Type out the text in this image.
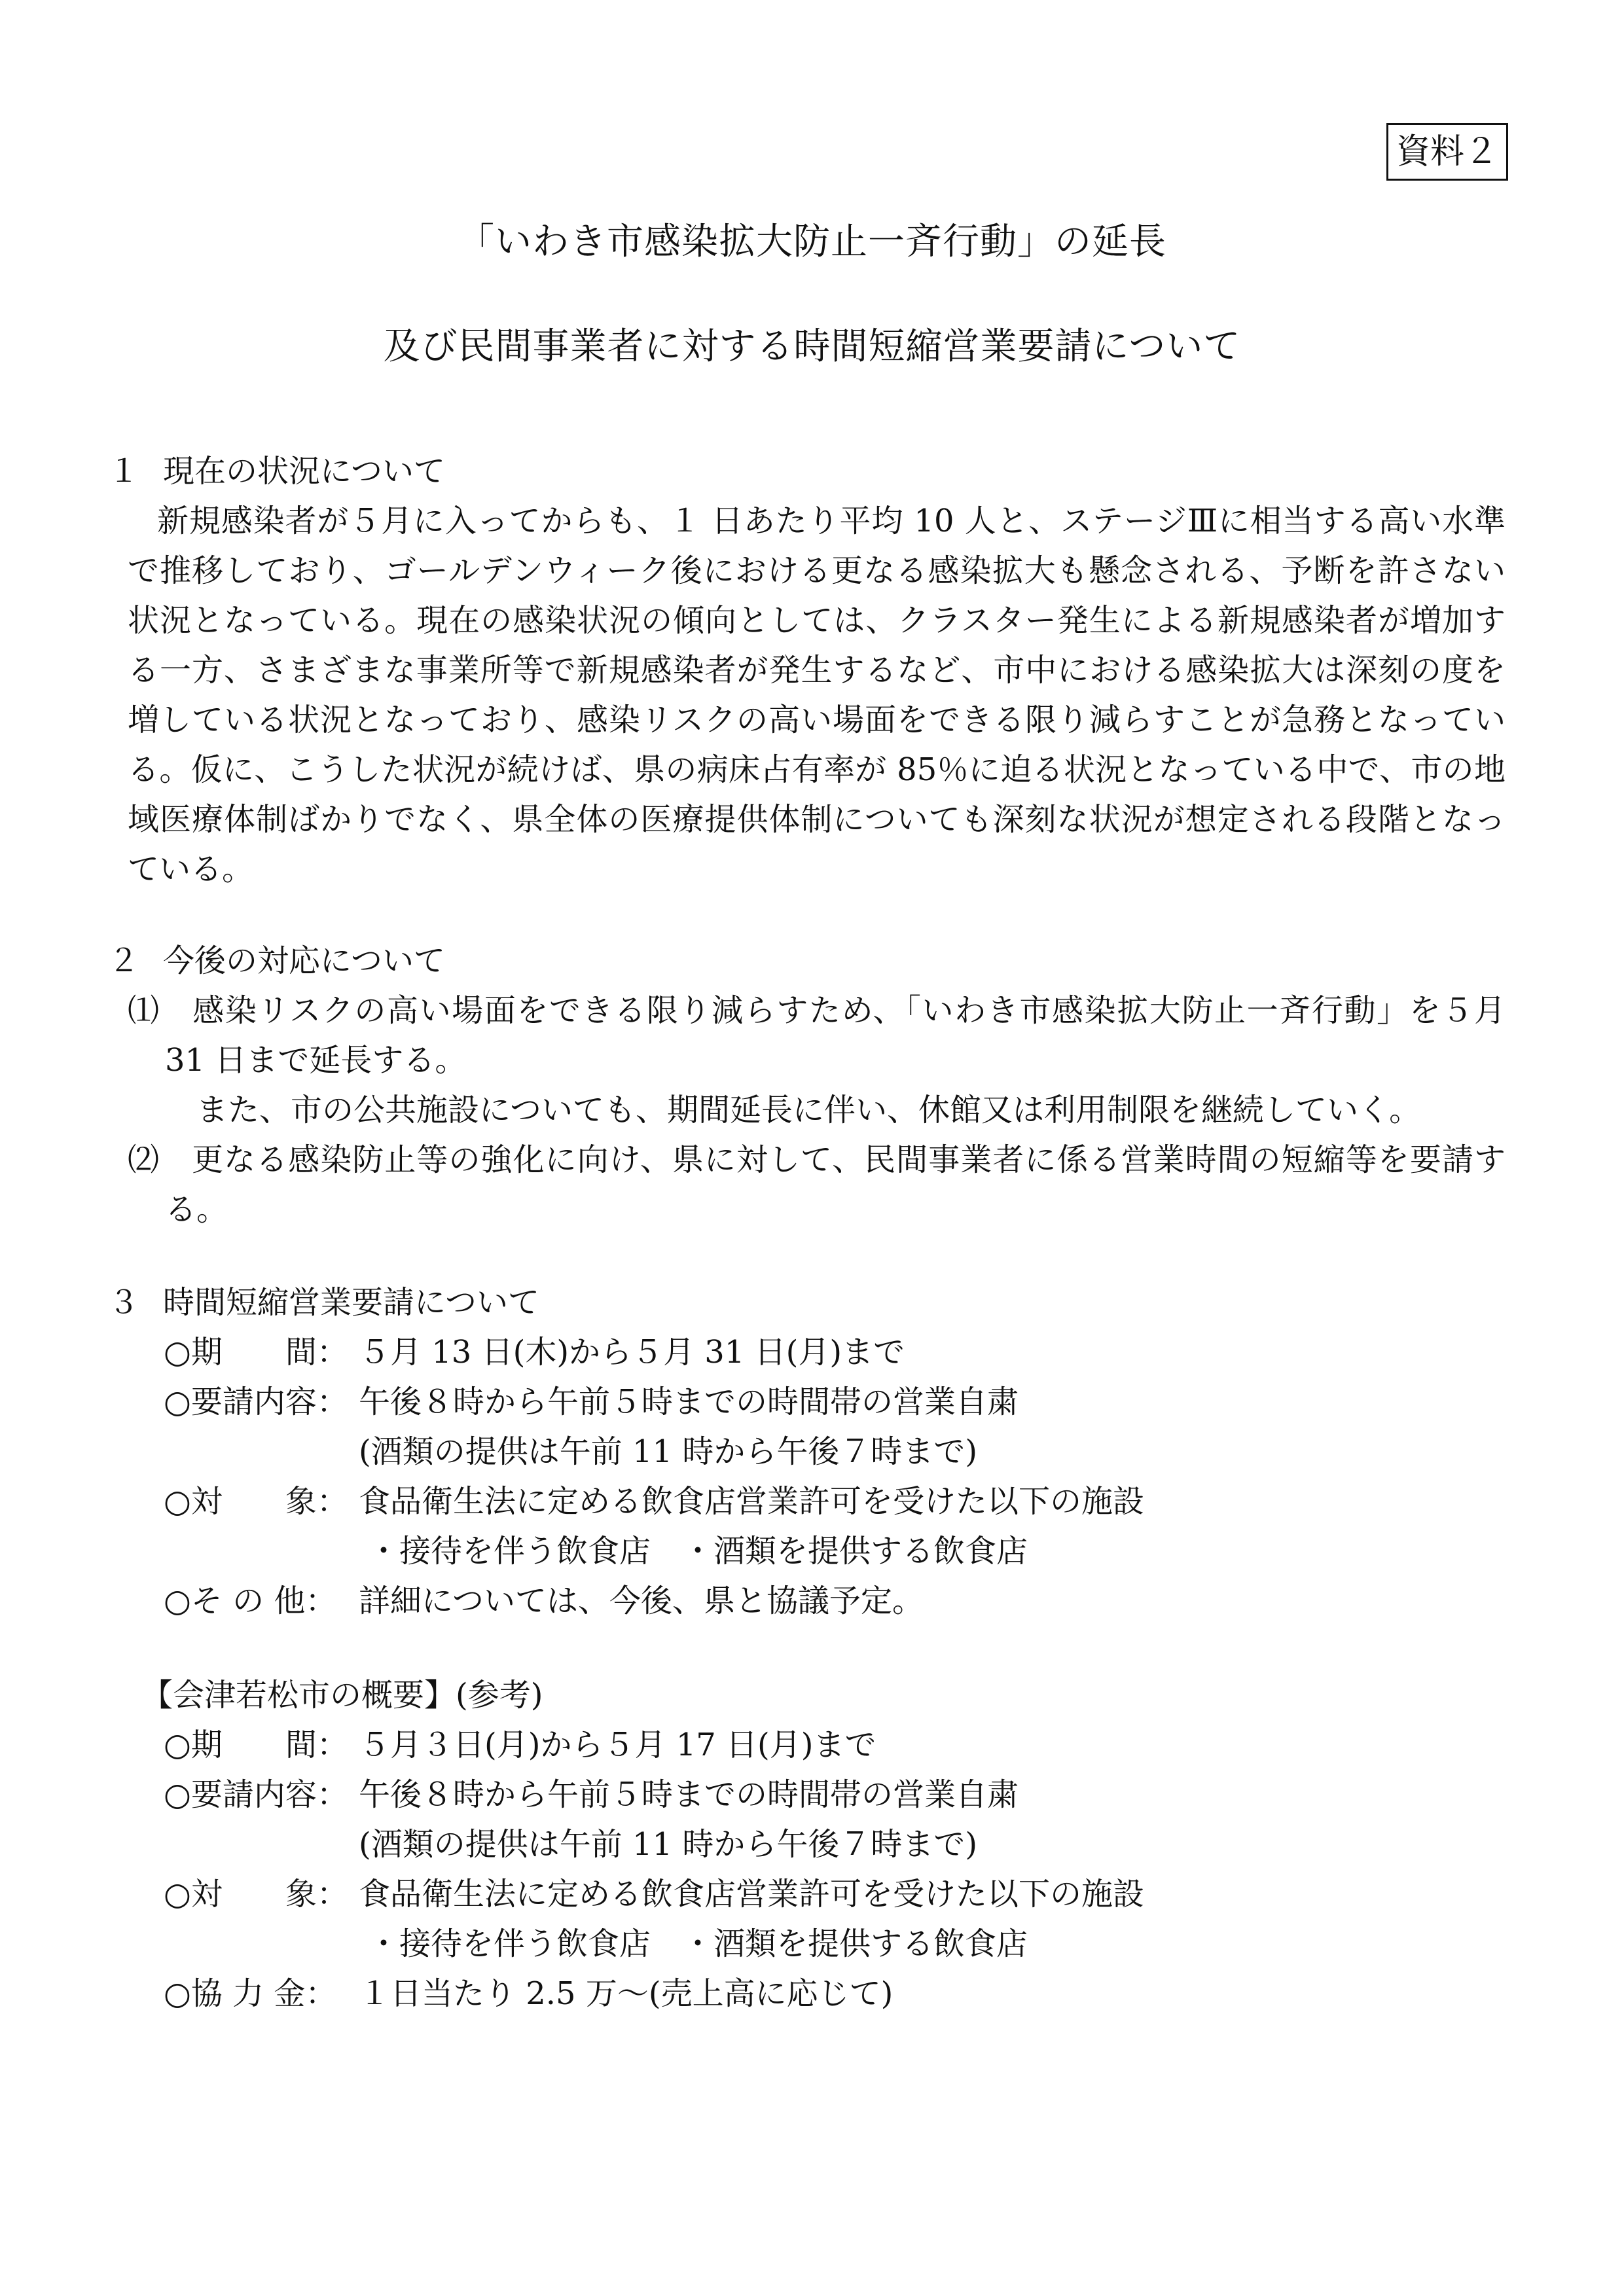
資料２
「いわき市感染拡大防止一斉行動」の延長
及び民間事業者に対する時間短縮営業要請について
１ 現在の状況について
新規感染者が５月に入ってからも、１ 日あたり平均 10 人と、ステージⅢに相当する高い水準
で推移しており、ゴールデンウィーク後における更なる感染拡大も懸念される、予断を許さない
状況となっている。現在の感染状況の傾向としては、クラスター発生による新規感染者が増加す
る一方、さまざまな事業所等で新規感染者が発生するなど、市中における感染拡大は深刻の度を
増している状況となっており、感染リスクの高い場面をできる限り減らすことが急務となってい
る。仮に、こうした状況が続けば、県の病床占有率が 85％に迫る状況となっている中で、市の地
域医療体制ばかりでなく、県全体の医療提供体制についても深刻な状況が想定される段階となっ
ている。
２ 今後の対応について
⑴　感染リスクの高い場面をできる限り減らすため、「いわき市感染拡大防止一斉行動」を５月
31 日まで延長する。
また、市の公共施設についても、期間延長に伴い、休館又は利用制限を継続していく。
⑵　更なる感染防止等の強化に向け、県に対して、民間事業者に係る営業時間の短縮等を要請す
る。
３ 時間短縮営業要請について
○期　　間： ５月 13 日(木)から５月 31 日(月)まで
○要請内容： 午後８時から午前５時までの時間帯の営業自粛
(酒類の提供は午前 11 時から午後７時まで)
○対　　象： 食品衛生法に定める飲食店営業許可を受けた以下の施設
・接待を伴う飲食店　・酒類を提供する飲食店
○そ の 他： 詳細については、今後、県と協議予定。
【会津若松市の概要】(参考)
○期　　間： ５月３日(月)から５月 17 日(月)まで
○要請内容： 午後８時から午前５時までの時間帯の営業自粛
(酒類の提供は午前 11 時から午後７時まで)
○対　　象： 食品衛生法に定める飲食店営業許可を受けた以下の施設
・接待を伴う飲食店　・酒類を提供する飲食店
○協 力 金： １日当たり 2.5 万～(売上高に応じて)
